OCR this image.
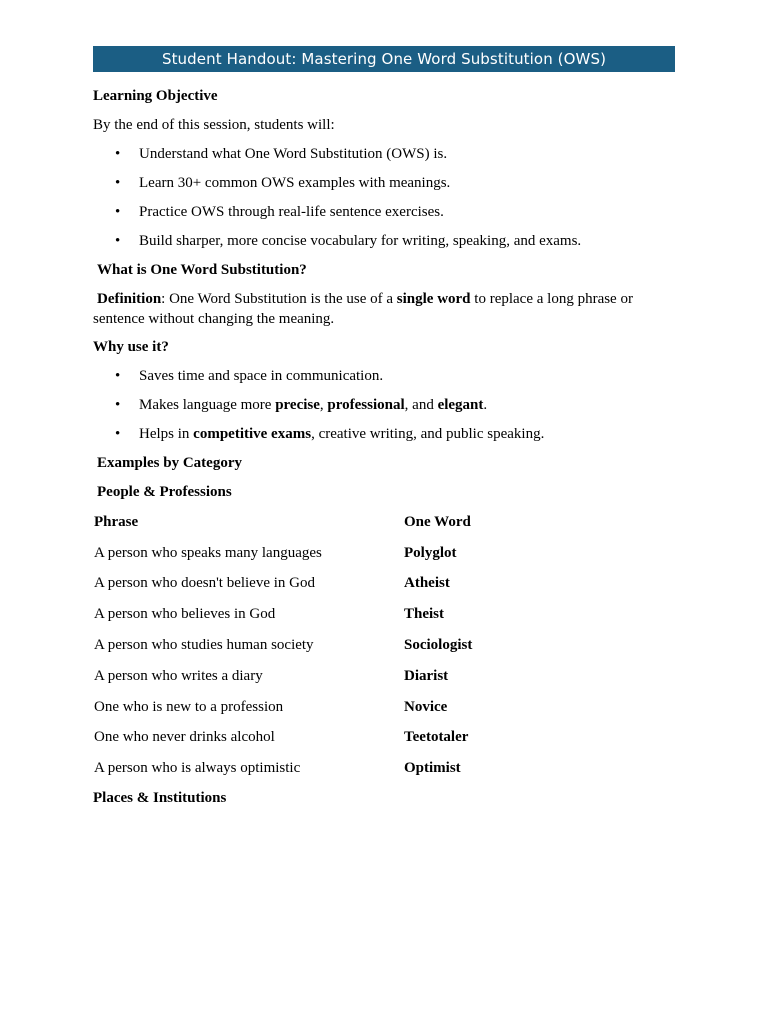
Student Handout: Mastering One Word Substitution (OWS)
Learning Objective
By the end of this session, students will:
• Understand what One Word Substitution (OWS) is.
• Learn 30+ common OWS examples with meanings.
• Practice OWS through real-life sentence exercises.
• Build sharper, more concise vocabulary for writing, speaking, and exams.
What is One Word Substitution?
Definition: One Word Substitution is the use of a single word to replace a long phrase or
sentence without changing the meaning.
Why use it?
• Saves time and space in communication.
• Makes language more precise, professional, and elegant.
• Helps in competitive exams, creative writing, and public speaking.
Examples by Category
People & Professions
Phrase	One Word
A person who speaks many languages	Polyglot
A person who doesn't believe in God	Atheist
A person who believes in God	Theist
A person who studies human society	Sociologist
A person who writes a diary	Diarist
One who is new to a profession	Novice
One who never drinks alcohol	Teetotaler
A person who is always optimistic	Optimist
Places & Institutions
